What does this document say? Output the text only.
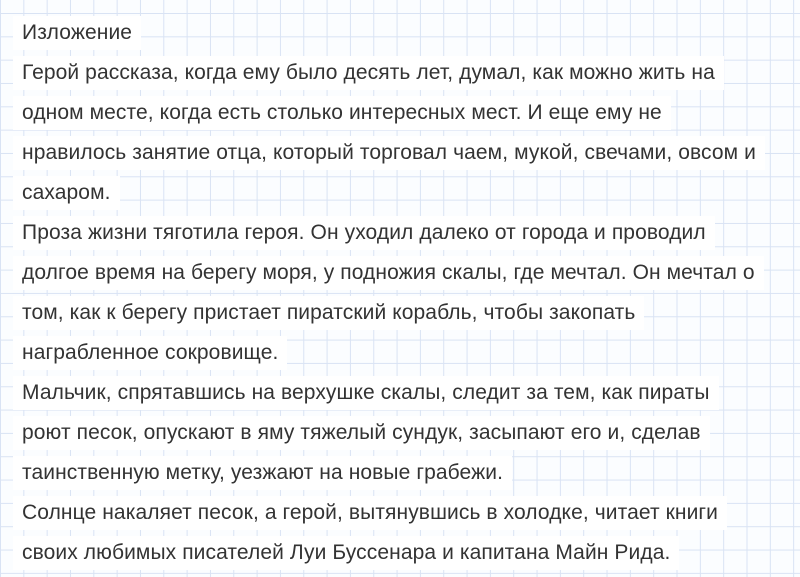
Изложение
Герой рассказа, когда ему было десять лет, думал, как можно жить на
одном месте, когда есть столько интересных мест. И еще ему не
нравилось занятие отца, который торговал чаем, мукой, свечами, овсом и
сахаром.
Проза жизни тяготила героя. Он уходил далеко от города и проводил
долгое время на берегу моря, у подножия скалы, где мечтал. Он мечтал о
том, как к берегу пристает пиратский корабль, чтобы закопать
награбленное сокровище.
Мальчик, спрятавшись на верхушке скалы, следит за тем, как пираты
роют песок, опускают в яму тяжелый сундук, засыпают его и, сделав
таинственную метку, уезжают на новые грабежи.
Солнце накаляет песок, а герой, вытянувшись в холодке, читает книги
своих любимых писателей Луи Буссенара и капитана Майн Рида.
